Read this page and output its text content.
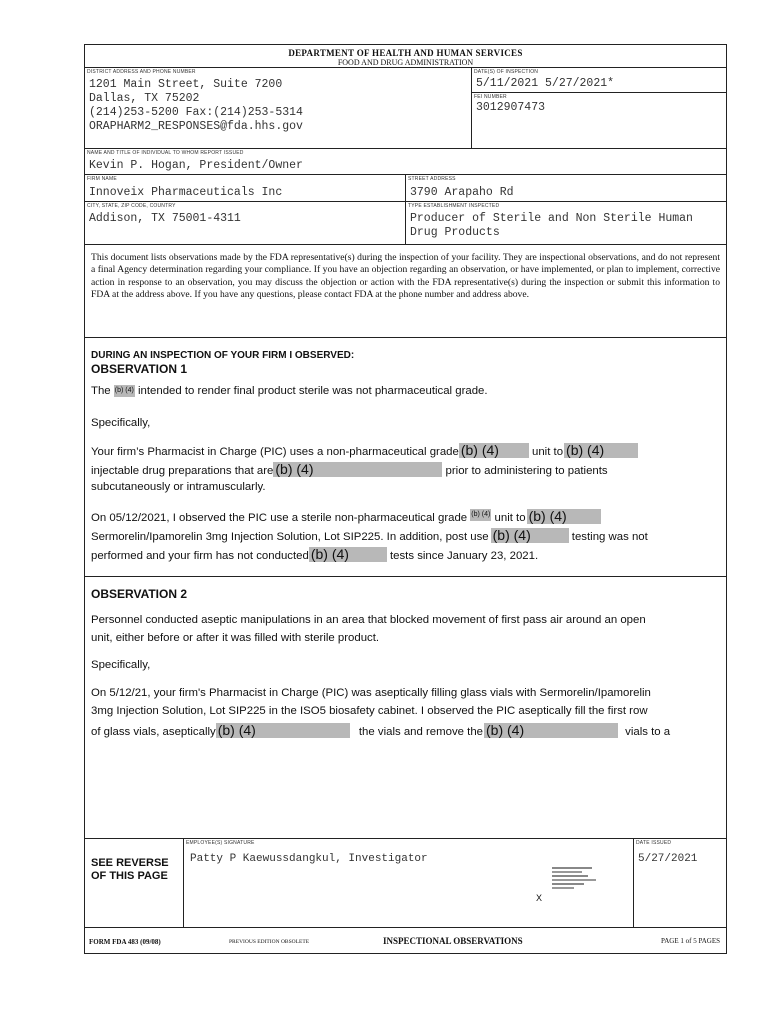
DEPARTMENT OF HEALTH AND HUMAN SERVICES
FOOD AND DRUG ADMINISTRATION
DISTRICT ADDRESS AND PHONE NUMBER
1201 Main Street, Suite 7200
Dallas, TX 75202
(214)253-5200 Fax:(214)253-5314
ORAPHARM2_RESPONSES@fda.hhs.gov
DATE(S) OF INSPECTION
5/11/2021 5/27/2021*
FEI NUMBER
3012907473
NAME AND TITLE OF INDIVIDUAL TO WHOM REPORT ISSUED
Kevin P. Hogan, President/Owner
FIRM NAME
Innoveix Pharmaceuticals Inc
STREET ADDRESS
3790 Arapaho Rd
CITY, STATE, ZIP CODE, COUNTRY
Addison, TX 75001-4311
TYPE ESTABLISHMENT INSPECTED
Producer of Sterile and Non Sterile Human
Drug Products
This document lists observations made by the FDA representative(s) during the inspection of your facility. They are inspectional observations, and do not represent a final Agency determination regarding your compliance. If you have an objection regarding an observation, or have implemented, or plan to implement, corrective action in response to an observation, you may discuss the objection or action with the FDA representative(s) during the inspection or submit this information to FDA at the address above. If you have any questions, please contact FDA at the phone number and address above.
DURING AN INSPECTION OF YOUR FIRM I OBSERVED:
OBSERVATION 1
The (b) (4) intended to render final product sterile was not pharmaceutical grade.
Specifically,
Your firm’s Pharmacist in Charge (PIC) uses a non-pharmaceutical grade (b) (4)	unit to (b) (4)
injectable drug preparations that are (b) (4)	prior to administering to patients
subcutaneously or intramuscularly.
On 05/12/2021, I observed the PIC use a sterile non-pharmaceutical grade (b) (4) unit to (b) (4)
Sermorelin/Ipamorelin 3mg Injection Solution, Lot SIP225. In addition, post use (b) (4)	testing was not
performed and your firm has not conducted (b) (4)	tests since January 23, 2021.
OBSERVATION 2
Personnel conducted aseptic manipulations in an area that blocked movement of first pass air around an open
unit, either before or after it was filled with sterile product.
Specifically,
On 5/12/21, your firm's Pharmacist in Charge (PIC) was aseptically filling glass vials with Sermorelin/Ipamorelin
3mg Injection Solution, Lot SIP225 in the ISO5 biosafety cabinet. I observed the PIC aseptically fill the first row
of glass vials, aseptically (b) (4)	the vials and remove the (b) (4)	vials to a
SEE REVERSE
OF THIS PAGE
EMPLOYEE(S) SIGNATURE
Patty P Kaewussdangkul, Investigator
X
DATE ISSUED
5/27/2021
FORM FDA 483 (09/08)	PREVIOUS EDITION OBSOLETE	INSPECTIONAL OBSERVATIONS	PAGE 1 of 5 PAGES
